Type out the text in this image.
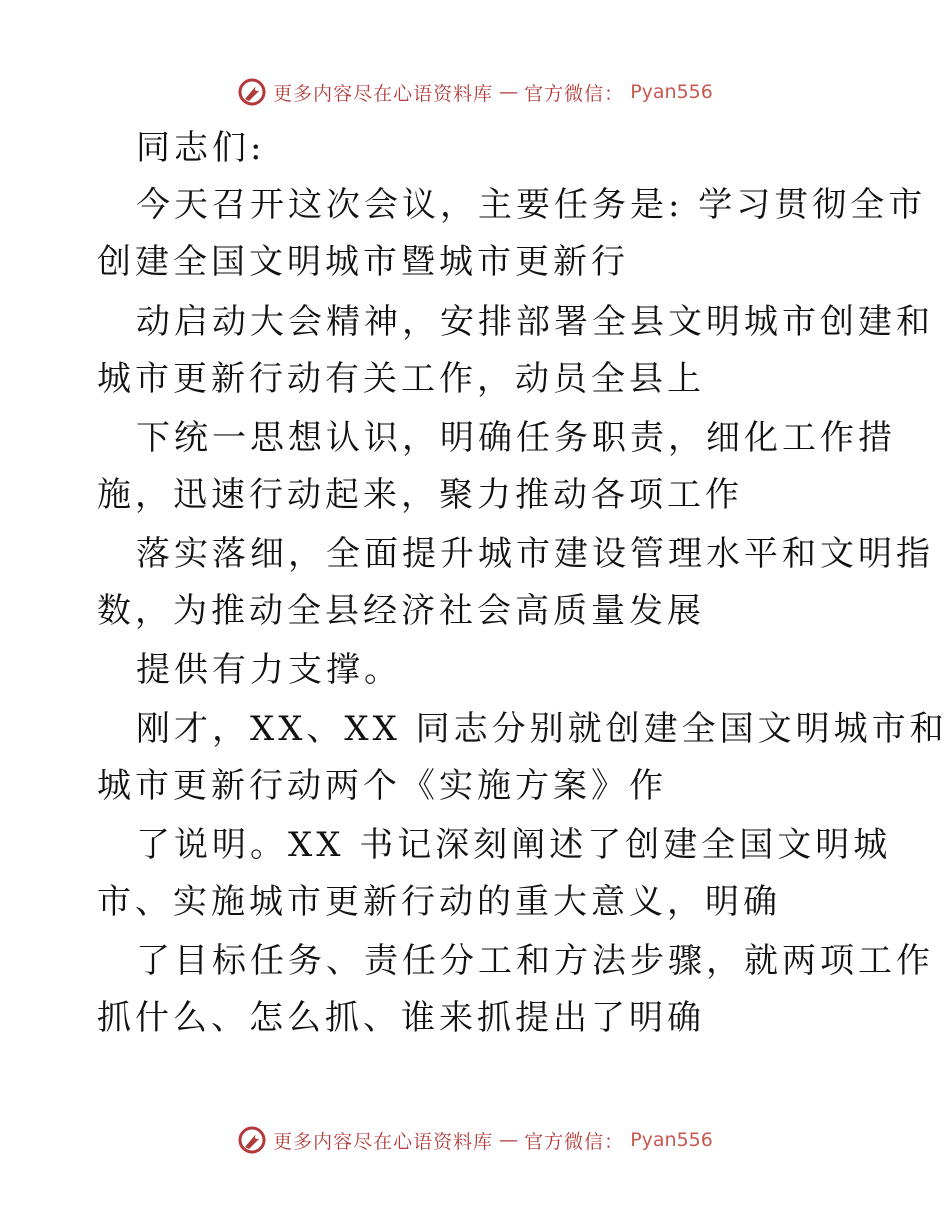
更多内容尽在心语资料库 — 官方微信： Pyan556
同志们:
今天召开这次会议，主要任务是: 学习贯彻全市
创建全国文明城市暨城市更新行
动启动大会精神，安排部署全县文明城市创建和
城市更新行动有关工作，动员全县上
下统一思想认识，明确任务职责，细化工作措
施，迅速行动起来，聚力推动各项工作
落实落细，全面提升城市建设管理水平和文明指
数，为推动全县经济社会高质量发展
提供有力支撑。
刚才，XX、XX 同志分别就创建全国文明城市和
城市更新行动两个《实施方案》作
了说明。XX 书记深刻阐述了创建全国文明城
市、实施城市更新行动的重大意义，明确
了目标任务、责任分工和方法步骤，就两项工作
抓什么、怎么抓、谁来抓提出了明确
更多内容尽在心语资料库 — 官方微信： Pyan556
